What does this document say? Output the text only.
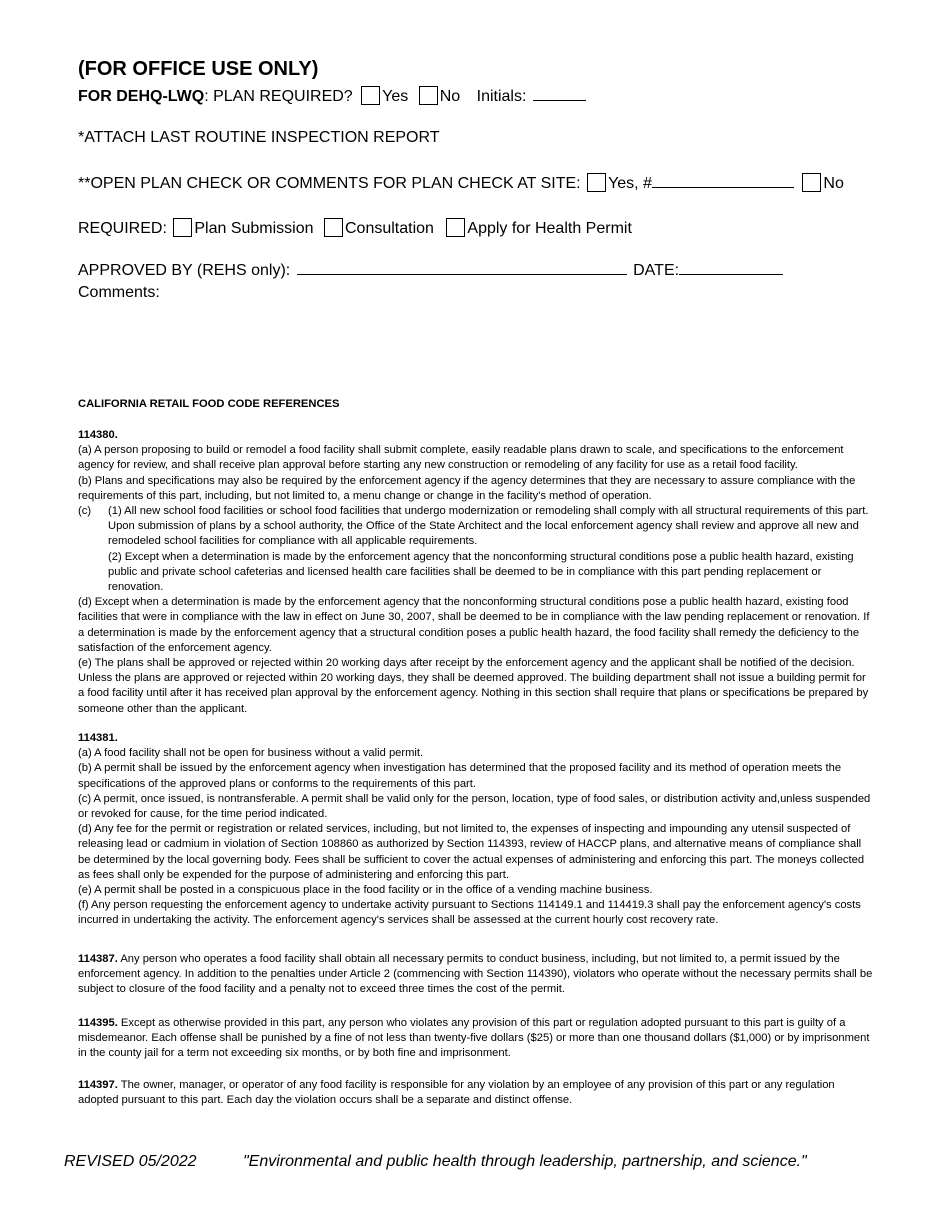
(FOR OFFICE USE ONLY)
FOR DEHQ-LWQ: PLAN REQUIRED? Yes No Initials:
*ATTACH LAST ROUTINE INSPECTION REPORT
**OPEN PLAN CHECK OR COMMENTS FOR PLAN CHECK AT SITE: Yes, #	No
REQUIRED: Plan Submission Consultation Apply for Health Permit
APPROVED BY (REHS only):	DATE:
Comments:
CALIFORNIA RETAIL FOOD CODE REFERENCES

114380.

(a) A person proposing to build or remodel a food facility shall submit complete, easily readable plans drawn to scale, and specifications to the enforcement agency for review, and shall receive plan approval before starting any new construction or remodeling of any facility for use as a retail food facility.

(b) Plans and specifications may also be required by the enforcement agency if the agency determines that they are necessary to assure compliance with the requirements of this part, including, but not limited to, a menu change or change in the facility's method of operation.

(c) (1) All new school food facilities or school food facilities that undergo modernization or remodeling shall comply with all structural requirements of this part. Upon submission of plans by a school authority, the Office of the State Architect and the local enforcement agency shall review and approve all new and remodeled school facilities for compliance with all applicable requirements.

(2) Except when a determination is made by the enforcement agency that the nonconforming structural conditions pose a public health hazard, existing public and private school cafeterias and licensed health care facilities shall be deemed to be in compliance with this part pending replacement or renovation.

(d) Except when a determination is made by the enforcement agency that the nonconforming structural conditions pose a public health hazard, existing food facilities that were in compliance with the law in effect on June 30, 2007, shall be deemed to be in compliance with the law pending replacement or renovation. If a determination is made by the enforcement agency that a structural condition poses a public health hazard, the food facility shall remedy the deficiency to the satisfaction of the enforcement agency.

(e) The plans shall be approved or rejected within 20 working days after receipt by the enforcement agency and the applicant shall be notified of the decision. Unless the plans are approved or rejected within 20 working days, they shall be deemed approved. The building department shall not issue a building permit for a food facility until after it has received plan approval by the enforcement agency. Nothing in this section shall require that plans or specifications be prepared by someone other than the applicant.

114381.

(a) A food facility shall not be open for business without a valid permit.

(b) A permit shall be issued by the enforcement agency when investigation has determined that the proposed facility and its method of operation meets the specifications of the approved plans or conforms to the requirements of this part.

(c) A permit, once issued, is nontransferable. A permit shall be valid only for the person, location, type of food sales, or distribution activity and,unless suspended or revoked for cause, for the time period indicated.

(d) Any fee for the permit or registration or related services, including, but not limited to, the expenses of inspecting and impounding any utensil suspected of releasing lead or cadmium in violation of Section 108860 as authorized by Section 114393, review of HACCP plans, and alternative means of compliance shall be determined by the local governing body. Fees shall be sufficient to cover the actual expenses of administering and enforcing this part. The moneys collected as fees shall only be expended for the purpose of administering and enforcing this part.

(e) A permit shall be posted in a conspicuous place in the food facility or in the office of a vending machine business.

(f) Any person requesting the enforcement agency to undertake activity pursuant to Sections 114149.1 and 114419.3 shall pay the enforcement agency's costs incurred in undertaking the activity. The enforcement agency's services shall be assessed at the current hourly cost recovery rate.

114387. Any person who operates a food facility shall obtain all necessary permits to conduct business, including, but not limited to, a permit issued by the enforcement agency. In addition to the penalties under Article 2 (commencing with Section 114390), violators who operate without the necessary permits shall be subject to closure of the food facility and a penalty not to exceed three times the cost of the permit.

114395. Except as otherwise provided in this part, any person who violates any provision of this part or regulation adopted pursuant to this part is guilty of a misdemeanor. Each offense shall be punished by a fine of not less than twenty-five dollars ($25) or more than one thousand dollars ($1,000) or by imprisonment in the county jail for a term not exceeding six months, or by both fine and imprisonment.

114397. The owner, manager, or operator of any food facility is responsible for any violation by an employee of any provision of this part or any regulation adopted pursuant to this part. Each day the violation occurs shall be a separate and distinct offense.

REVISED 05/2022	"Environmental and public health through leadership, partnership, and science."
